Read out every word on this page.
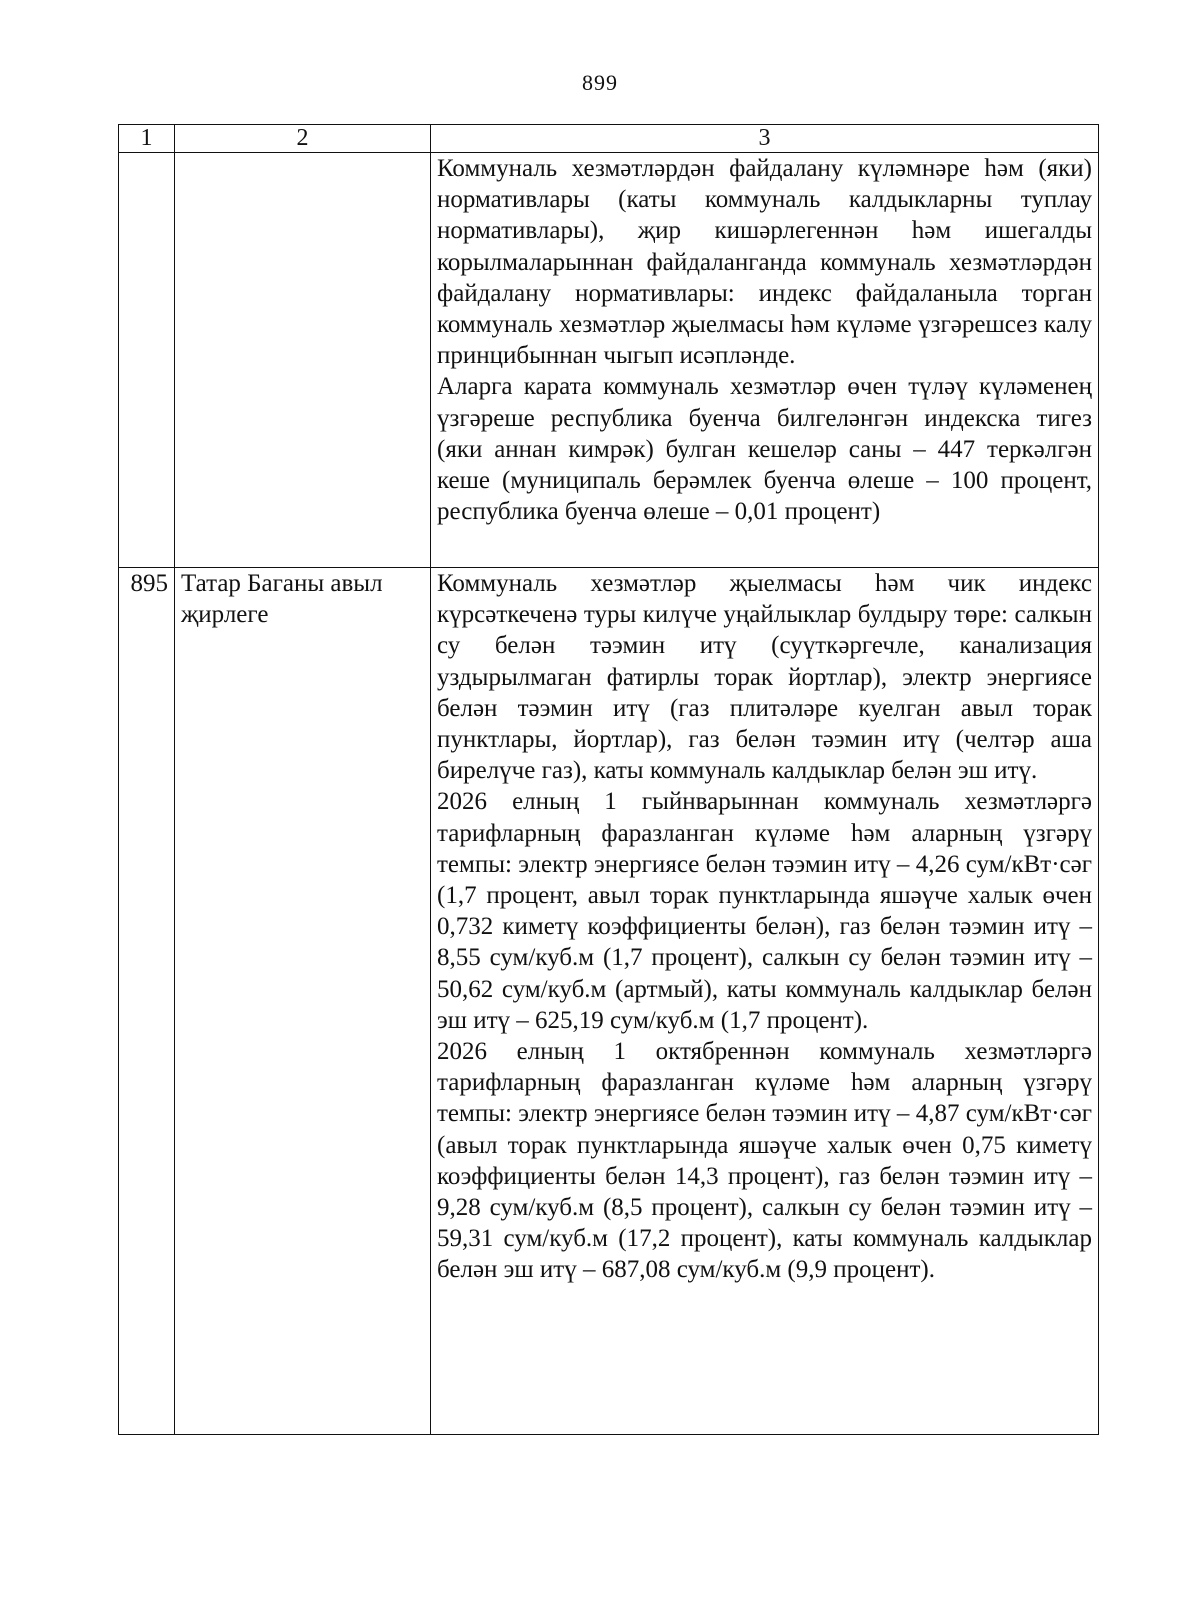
899
1	2	3

		Коммуналь хезмәтләрдән файдалану күләмнәре һәм (яки) нормативлары (каты коммуналь калдыкларны туплау нормативлары), җир кишәрлегеннән һәм ишегалды корылмаларыннан файдаланганда коммуналь хезмәтләрдән файдалану нормативлары: индекс файдаланыла торган коммуналь хезмәтләр җыелмасы һәм күләме үзгәрешсез калу принцибыннан чыгып исәпләнде.

Аларга карата коммуналь хезмәтләр өчен түләү күләменең үзгәреше республика буенча билгеләнгән индекска тигез (яки аннан кимрәк) булган кешеләр саны – 447 теркәлгән кеше (муниципаль берәмлек буенча өлеше – 100 процент, республика буенча өлеше – 0,01 процент)

895	Татар Баганы авыл җирлеге	Коммуналь хезмәтләр җыелмасы һәм чик индекс күрсәткеченә туры килүче уңайлыклар булдыру төре: салкын су белән тәэмин итү (суүткәргечле, канализация уздырылмаган фатирлы торак йортлар), электр энергиясе белән тәэмин итү (газ плитәләре куелган авыл торак пунктлары, йортлар), газ белән тәэмин итү (челтәр аша бирелүче газ), каты коммуналь калдыклар белән эш итү.

2026 елның 1 гыйнварыннан коммуналь хезмәтләргә тарифларның фаразланган күләме һәм аларның үзгәрү темпы: электр энергиясе белән тәэмин итү – 4,26 сум/кВт·сәг (1,7 процент, авыл торак пунктларында яшәүче халык өчен 0,732 киметү коэффициенты белән), газ белән тәэмин итү – 8,55 сум/куб.м (1,7 процент), салкын су белән тәэмин итү – 50,62 сум/куб.м (артмый), каты коммуналь калдыклар белән эш итү – 625,19 сум/куб.м (1,7 процент).

2026 елның 1 октябреннән коммуналь хезмәтләргә тарифларның фаразланган күләме һәм аларның үзгәрү темпы: электр энергиясе белән тәэмин итү – 4,87 сум/кВт·сәг (авыл торак пунктларында яшәүче халык өчен 0,75 киметү коэффициенты белән 14,3 процент), газ белән тәэмин итү – 9,28 сум/куб.м (8,5 процент), салкын су белән тәэмин итү – 59,31 сум/куб.м (17,2 процент), каты коммуналь калдыклар белән эш итү – 687,08 сум/куб.м (9,9 процент).
